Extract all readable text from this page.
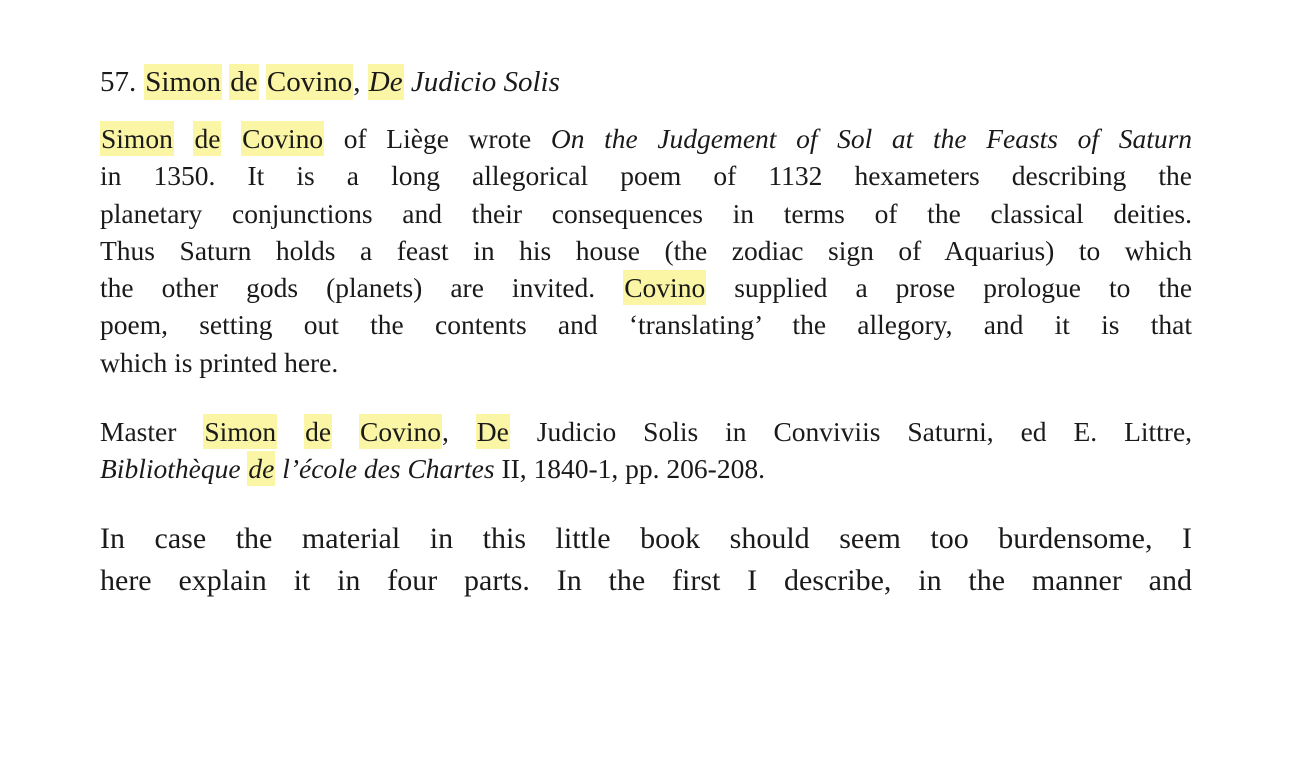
57. Simon de Covino, De Judicio Solis
Simon de Covino of Liège wrote On the Judgement of Sol at the Feasts of Saturn
in 1350. It is a long allegorical poem of 1132 hexameters describing the
planetary conjunctions and their consequences in terms of the classical deities.
Thus Saturn holds a feast in his house (the zodiac sign of Aquarius) to which
the other gods (planets) are invited. Covino supplied a prose prologue to the
poem, setting out the contents and ‘translating’ the allegory, and it is that
which is printed here.
Master Simon de Covino, De Judicio Solis in Conviviis Saturni, ed E. Littre,
Bibliothèque de l’école des Chartes II, 1840-1, pp. 206-208.
In case the material in this little book should seem too burdensome, I
here explain it in four parts. In the first I describe, in the manner and
